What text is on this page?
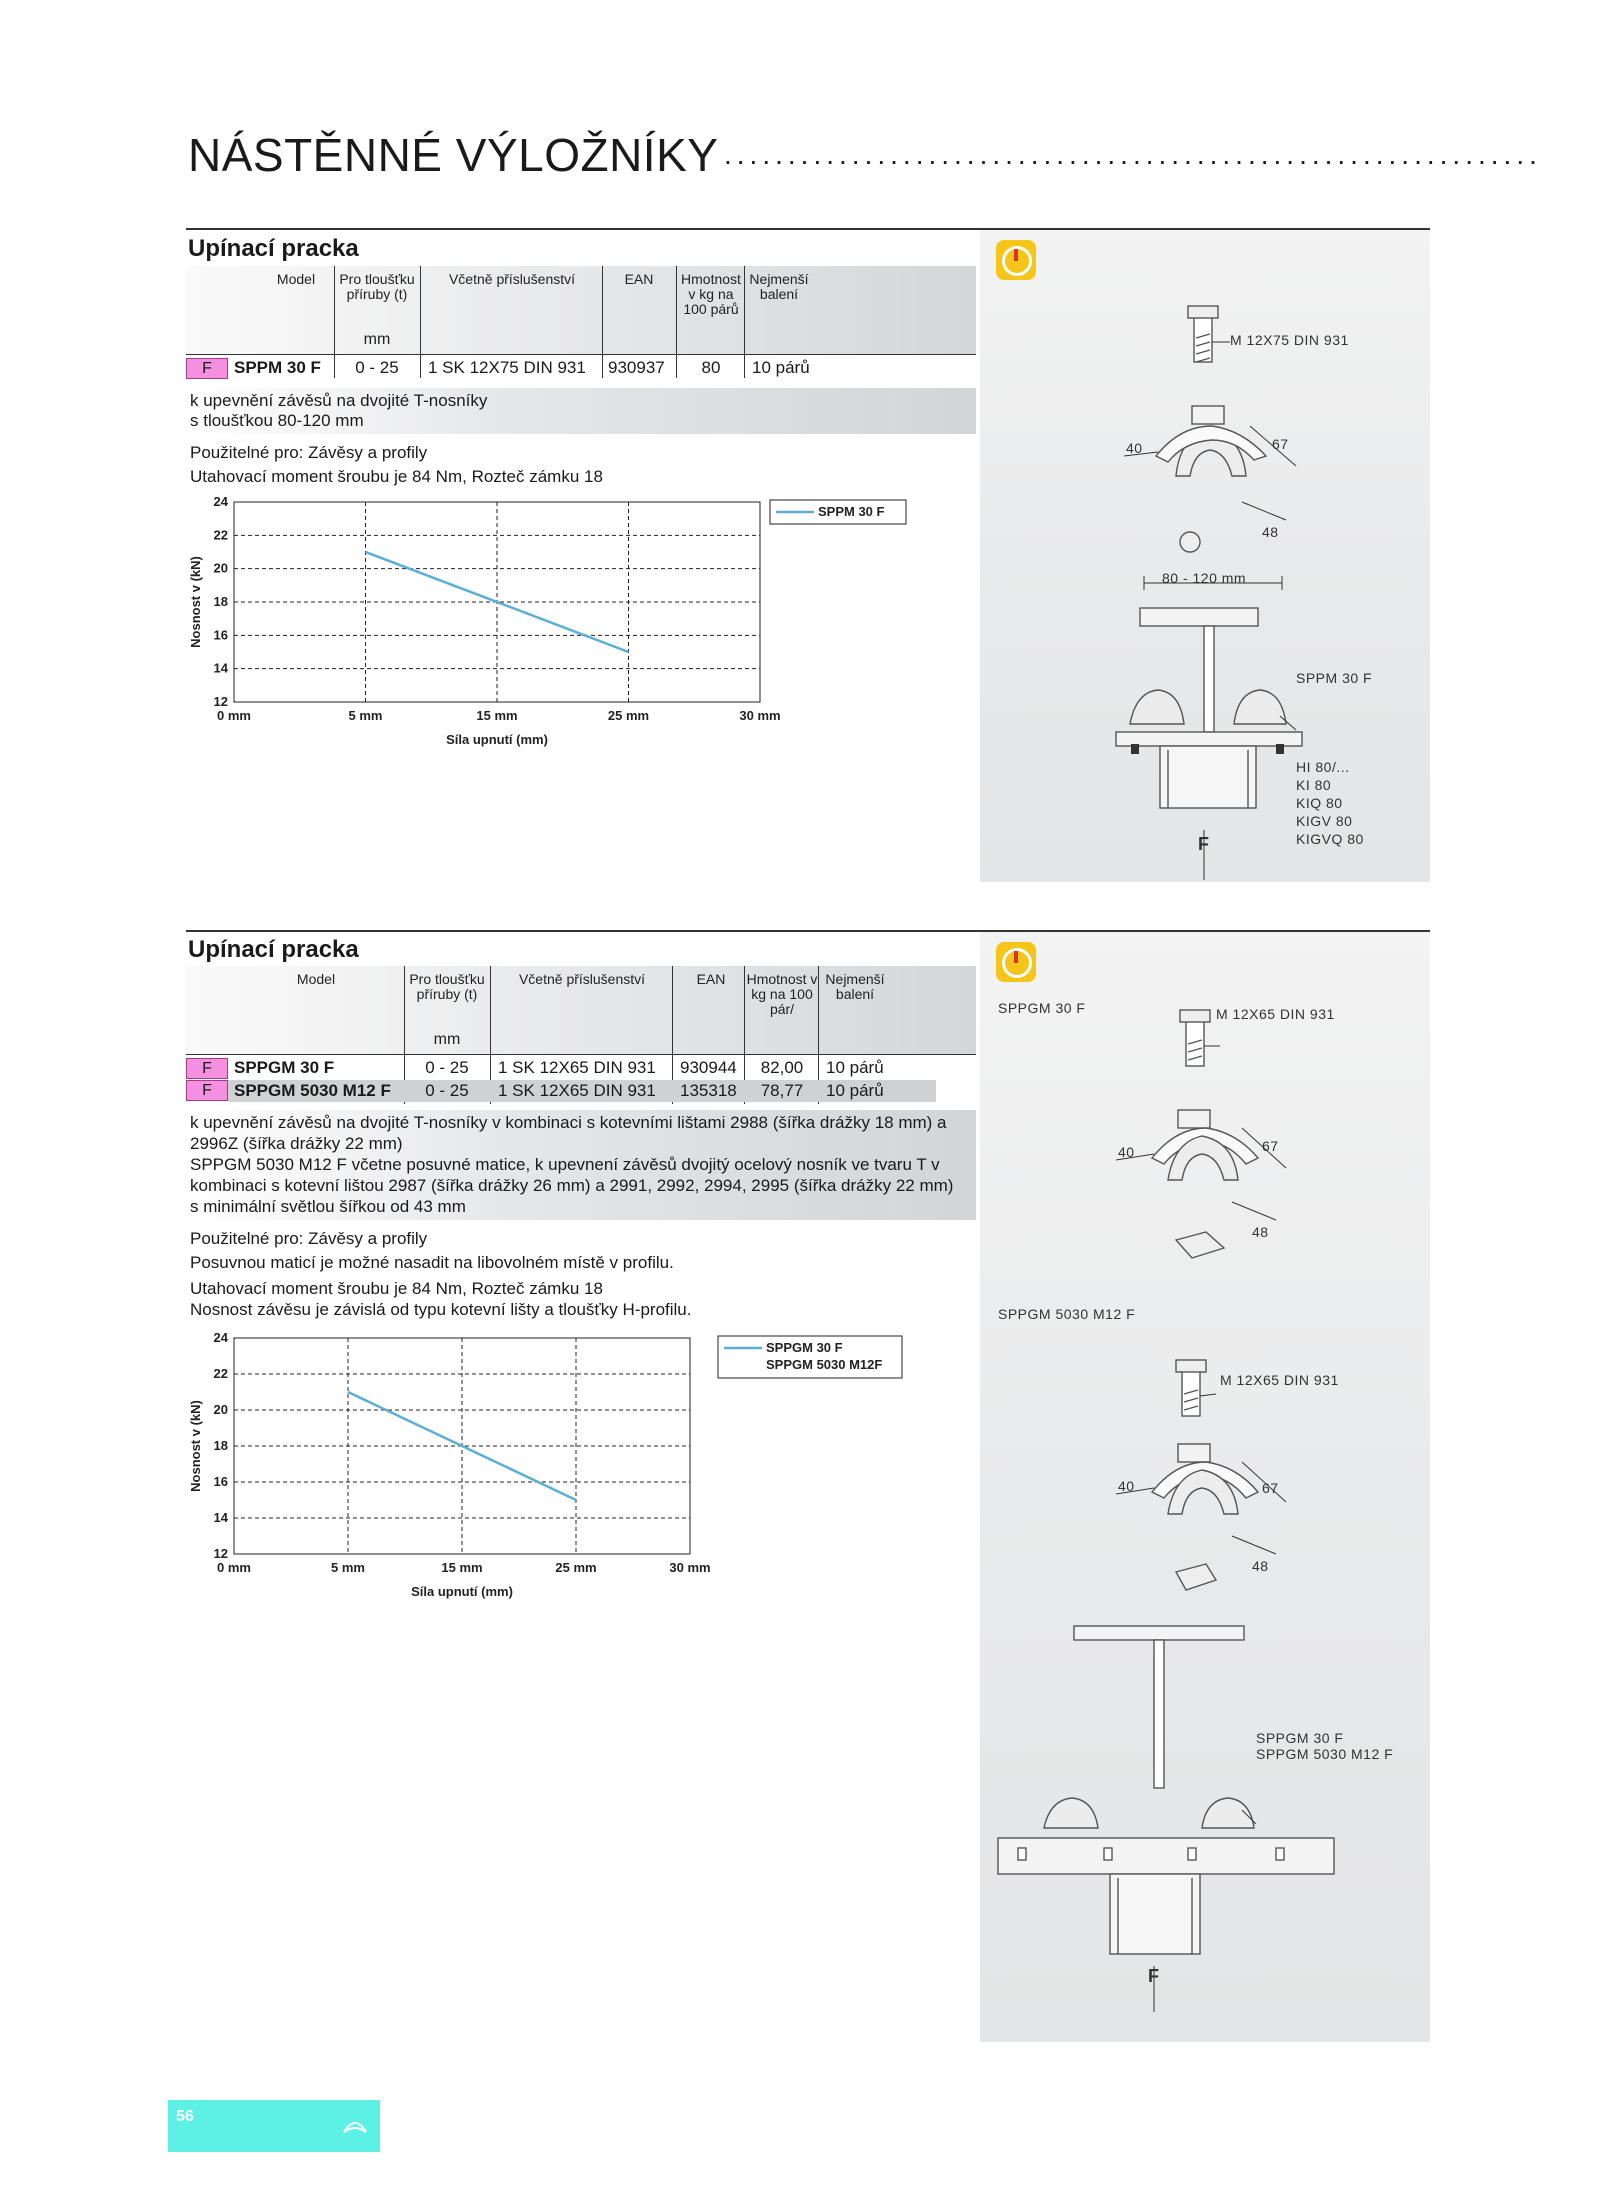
NÁSTĚNNÉ VÝLOŽNÍKY ................................................................
Upínací pracka
Model	Pro tloušťku příruby (t)
mm
Včetně příslušenství	EAN	Hmotnost v kg na 100 párů
Nejmenší balení
F	SPPM 30 F	0 - 25	1 SK 12X75 DIN 931 930937	80	10 párů
k upevnění závěsů na dvojité T-nosníky
s tloušťkou 80-120 mm
Použitelné pro: Závěsy a profily
Utahovací moment šroubu je 84 Nm, Rozteč zámku 18
12
14
16
18
20
22
24
0 mm	5 mm	15 mm	25 mm	30 mm
Síla upnutí (mm)
Nosnost v (kN)
SPPM 30 F
M 12X75 DIN 931
40	67
48
80 - 120 mm
SPPM 30 F
HI 80/...
KI 80
KIQ 80
KIGV 80
KIGVQ 80
F
Upínací pracka
Model	Pro tloušťku příruby (t)
mm
Včetně příslušenství	EAN	Hmotnost v kg na 100 pár/
Nejmenší balení
F	SPPGM 30 F	0 - 25	1 SK 12X65 DIN 931 930944	82,00	10 párů
F	SPPGM 5030 M12 F	0 - 25	1 SK 12X65 DIN 931 135318	78,77	10 párů
k upevnění závěsů na dvojité T-nosníky v kombinaci s kotevními lištami 2988 (šířka drážky 18 mm) a
2996Z (šířka drážky 22 mm)
SPPGM 5030 M12 F včetne posuvné matice, k upevnení závěsů dvojitý ocelový nosník ve tvaru T v
kombinaci s kotevní lištou 2987 (šířka drážky 26 mm) a 2991, 2992, 2994, 2995 (šířka drážky 22 mm)
s minimální světlou šířkou od 43 mm
Použitelné pro: Závěsy a profily
Posuvnou maticí je možné nasadit na libovolném místě v profilu.
Utahovací moment šroubu je 84 Nm, Rozteč zámku 18
Nosnost závěsu je závislá od typu kotevní lišty a tloušťky H-profilu.
12
14
16
18
20
22
24
0 mm	5 mm	15 mm	25 mm	30 mm
Síla upnutí (mm)
Nosnost v (kN)
SPPGM 30 F
SPPGM 5030 M12F
SPPGM 30 F	M 12X65 DIN 931
40	67
48
SPPGM 5030 M12 F
M 12X65 DIN 931
40	67
48
SPPGM 30 F
SPPGM 5030 M12 F
F
56
